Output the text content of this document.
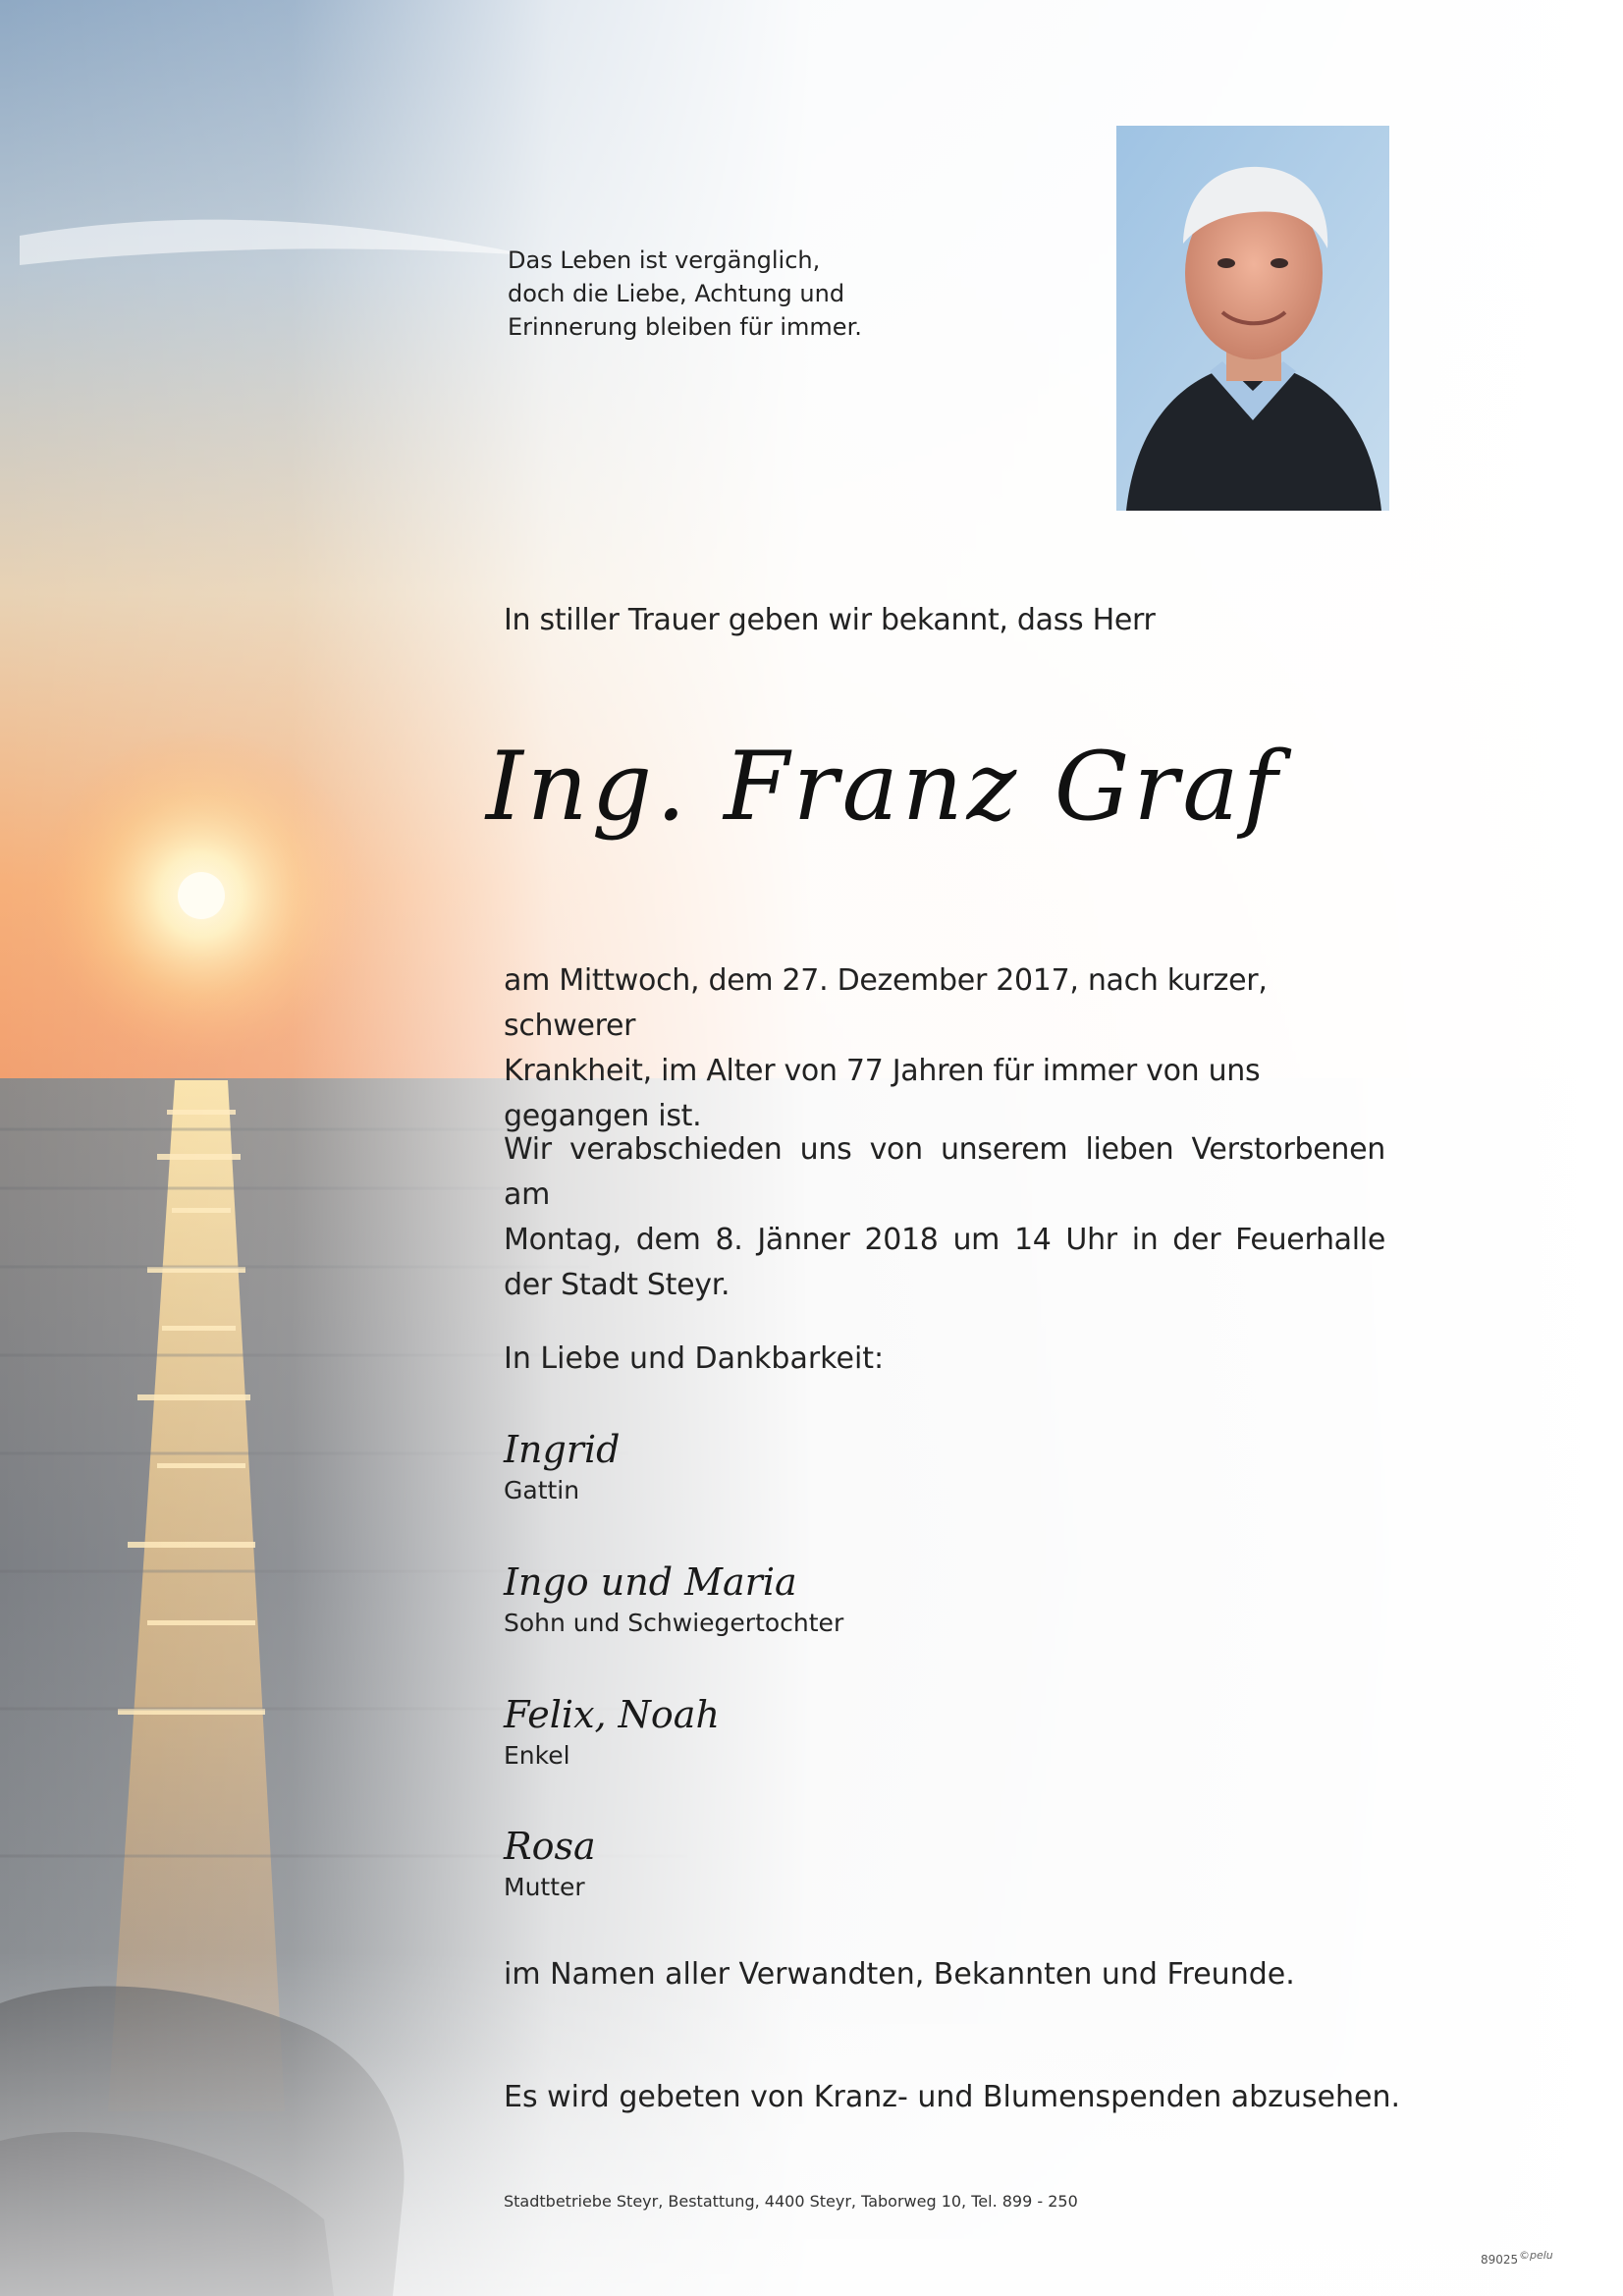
Das Leben ist vergänglich,
doch die Liebe, Achtung und
Erinnerung bleiben für immer.
In stiller Trauer geben wir bekannt, dass Herr
Ing. Franz Graf
am Mittwoch, dem 27. Dezember 2017, nach kurzer, schwerer
Krankheit, im Alter von 77 Jahren für immer von uns gegangen ist.
Wir verabschieden uns von unserem lieben Verstorbenen am
Montag, dem 8. Jänner 2018 um 14 Uhr in der Feuerhalle
der Stadt Steyr.
In Liebe und Dankbarkeit:
Ingrid
Gattin
Ingo und Maria
Sohn und Schwiegertochter
Felix, Noah
Enkel
Rosa
Mutter
im Namen aller Verwandten, Bekannten und Freunde.
Es wird gebeten von Kranz- und Blumenspenden abzusehen.
Stadtbetriebe Steyr, Bestattung, 4400 Steyr, Taborweg 10, Tel. 899 - 250
89025 ©pelu
